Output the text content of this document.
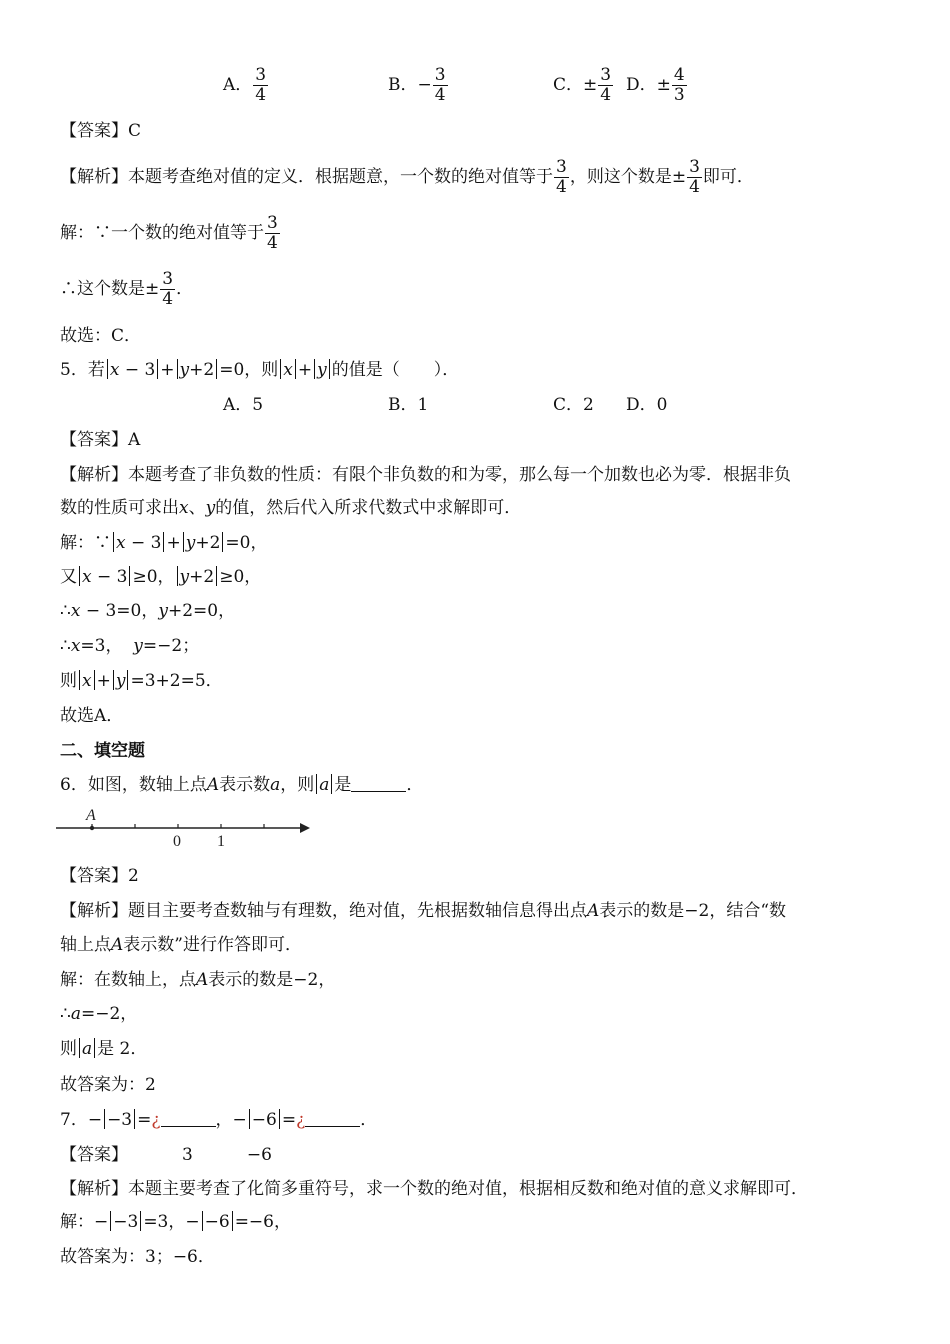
A． $\frac{3}{4}$	B．− $\frac{3}{4}$	C．± $\frac{3}{4}$ D．± $\frac{4}{3}$
【答案】C
【解析】本题考查绝对值的定义．根据题意，一个数的绝对值等于 $\frac{3}{4}$ ，则这个数是± $\frac{3}{4}$ 即可．
解：∵一个数的绝对值等于 $\frac{3}{4}$
∴这个数是± $\frac{3}{4}$ ．
故选：C．
5．若 x − 3 + y+2 =0，则 x + y 的值是（　　）．
A．5	B．1	C．2 D．0
【答案】A
【解析】本题考查了非负数的性质：有限个非负数的和为零，那么每一个加数也必为零．根据非负
数的性质可求出x、y的值，然后代入所求代数式中求解即可．
解：∵ x − 3 + y+2 =0，
又 x − 3 ≥0， y+2 ≥0，
∴x − 3=0，y+2=0，
∴x=3，  y=−2；
则 x + y =3+2=5．
故选A．
二、填空题
6．如图，数轴上点A表示数a，则 a 是	．
A
0 1
【答案】2
【解析】题目主要考查数轴与有理数，绝对值，先根据数轴信息得出点A表示的数是−2，结合“数
轴上点A表示数”进行作答即可．
解：在数轴上，点A表示的数是−2，
∴a=−2，
则 a 是 2．
故答案为：2
7．− −3 =¿	，− −6 =¿	．
【答案】	3	−6
【解析】本题主要考查了化简多重符号，求一个数的绝对值，根据相反数和绝对值的意义求解即可．
解：− −3 =3，− −6 =−6，
故答案为：3；−6．
